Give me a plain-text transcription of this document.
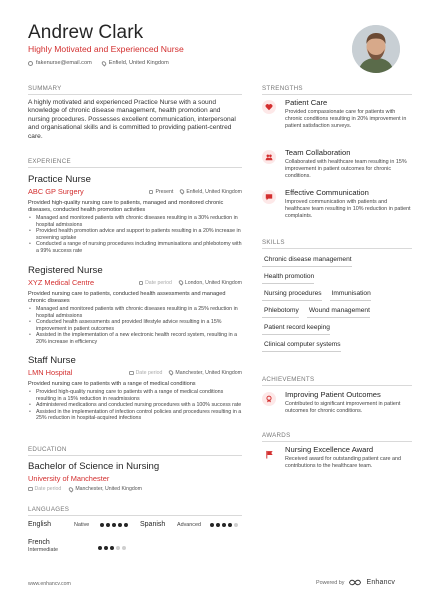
Andrew Clark
Highly Motivated and Experienced Nurse
fakenurse@email.com	Enfield, United Kingdom
SUMMARY
A highly motivated and experienced Practice Nurse with a sound knowledge of chronic disease management, health promotion and nursing procedures. Possesses excellent communication, interpersonal and organisational skills and is committed to providing patient-centred care.
EXPERIENCE
Practice Nurse
ABC GP Surgery	Present	Enfield, United Kingdom
Provided high-quality nursing care to patients, managed and monitored chronic diseases, conducted health promotion activities
• Managed and monitored patients with chronic diseases resulting in a 30% reduction in hospital admissions
• Provided health promotion advice and support to patients resulting in a 20% increase in screening uptake
• Conducted a range of nursing procedures including immunisations and phlebotomy with a 99% success rate
Registered Nurse
XYZ Medical Centre	Date period	London, United Kingdom
Provided nursing care to patients, conducted health assessments and managed chronic diseases
• Managed and monitored patients with chronic diseases resulting in a 25% reduction in hospital admissions
• Conducted health assessments and provided lifestyle advice resulting in a 15% improvement in patient outcomes
• Assisted in the implementation of a new electronic health record system, resulting in a 20% increase in efficiency
Staff Nurse
LMN Hospital	Date period	Manchester, United Kingdom
Provided nursing care to patients with a range of medical conditions
• Provided high-quality nursing care to patients with a range of medical conditions resulting in a 15% reduction in readmissions
• Administered medications and conducted nursing procedures with a 100% success rate
• Assisted in the implementation of infection control policies and procedures resulting in a 25% reduction in hospital-acquired infections
EDUCATION
Bachelor of Science in Nursing
University of Manchester
Date period	Manchester, United Kingdom
LANGUAGES
English	Native	Spanish	Advanced
French
Intermediate
STRENGTHS
Patient Care
Provided compassionate care for patients with chronic conditions resulting in 20% improvement in patient satisfaction surveys.
Team Collaboration
Collaborated with healthcare team resulting in 15% improvement in patient outcomes for chronic conditions.
Effective Communication
Improved communication with patients and healthcare team resulting in 10% reduction in patient complaints.
SKILLS
Chronic disease management
Health promotion
Nursing procedures	Immunisation
Phlebotomy	Wound management
Patient record keeping
Clinical computer systems
ACHIEVEMENTS
Improving Patient Outcomes
Contributed to significant improvement in patient outcomes for chronic conditions.
AWARDS
Nursing Excellence Award
Received award for outstanding patient care and contributions to the healthcare team.
www.enhancv.com	Powered by	Enhancv
